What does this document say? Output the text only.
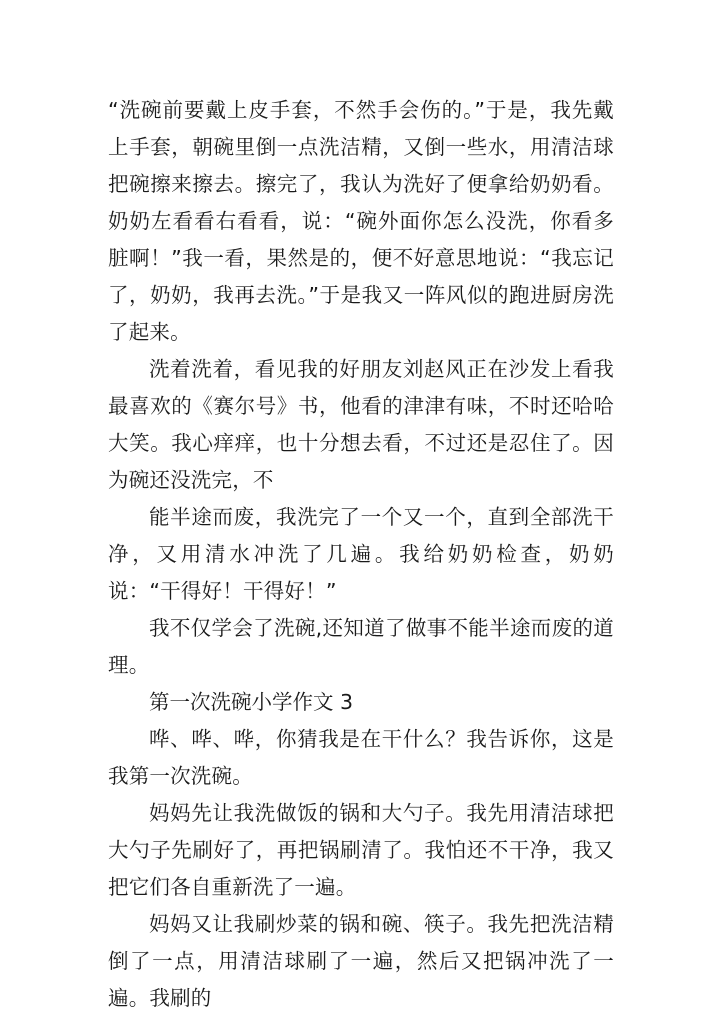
“洗碗前要戴上皮手套，不然手会伤的。”于是，我先戴上手套，朝碗里倒一点洗洁精，又倒一些水，用清洁球把碗擦来擦去。擦完了，我认为洗好了便拿给奶奶看。奶奶左看看右看看，说：“碗外面你怎么没洗，你看多脏啊！”我一看，果然是的，便不好意思地说：“我忘记了，奶奶，我再去洗。”于是我又一阵风似的跑进厨房洗了起来。

洗着洗着，看见我的好朋友刘赵风正在沙发上看我最喜欢的《赛尔号》书，他看的津津有味，不时还哈哈大笑。我心痒痒，也十分想去看，不过还是忍住了。因为碗还没洗完，不

能半途而废，我洗完了一个又一个，直到全部洗干净，又用清水冲洗了几遍。我给奶奶检查，奶奶说：“干得好！干得好！”

我不仅学会了洗碗,还知道了做事不能半途而废的道理。

第一次洗碗小学作文 3

哗、哗、哗，你猜我是在干什么？我告诉你，这是我第一次洗碗。

妈妈先让我洗做饭的锅和大勺子。我先用清洁球把大勺子先刷好了，再把锅刷清了。我怕还不干净，我又把它们各自重新洗了一遍。

妈妈又让我刷炒菜的锅和碗、筷子。我先把洗洁精倒了一点，用清洁球刷了一遍，然后又把锅冲洗了一遍。我刷的
